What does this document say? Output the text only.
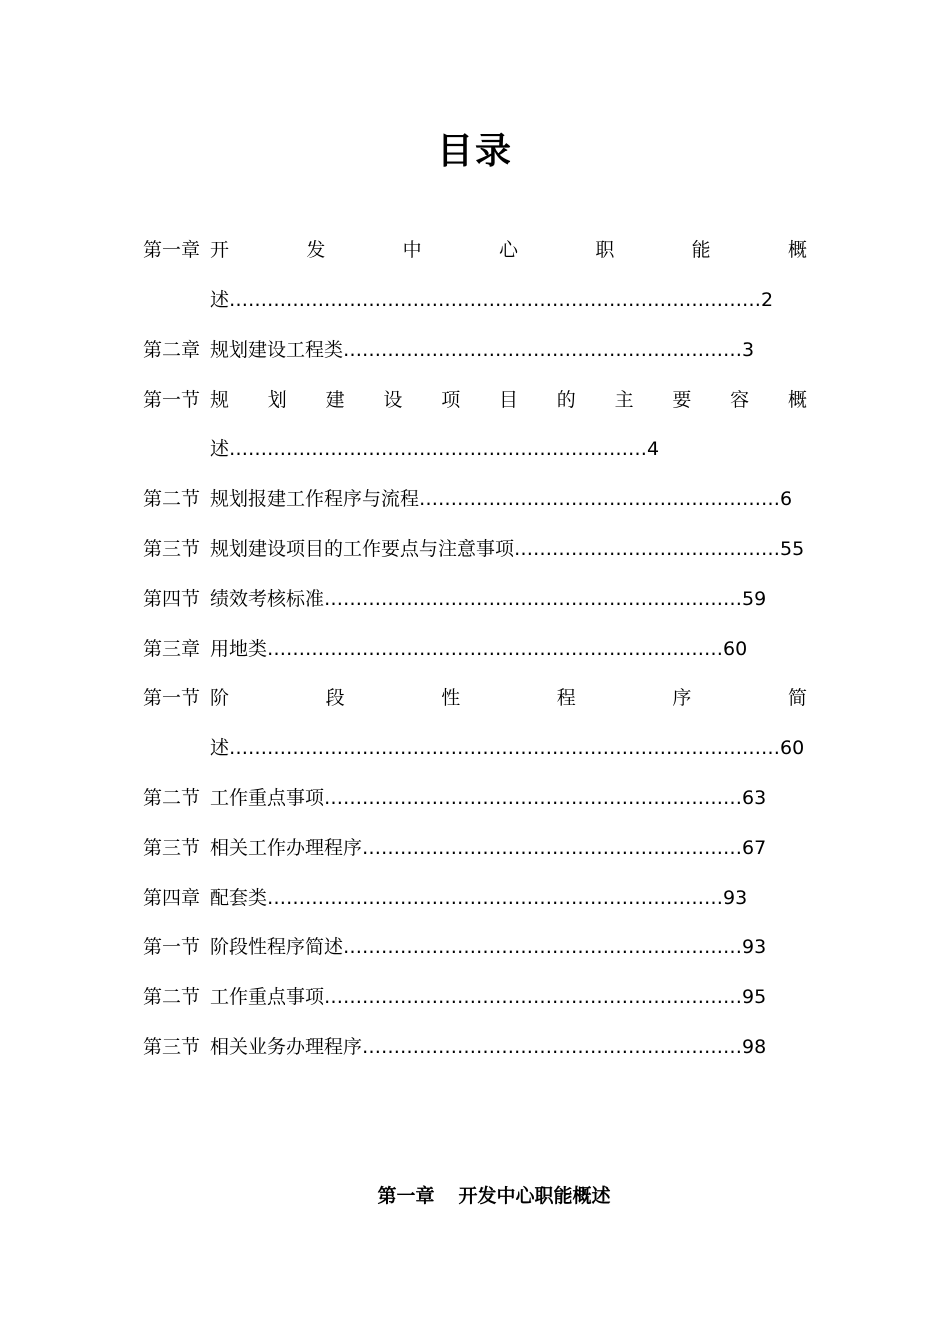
目录
第一章 开	发	中	心	职	能	概
述…………………………………………………………………………2
第二章 规划建设工程类………………………………………………………3
第一节 规 划 建 设 项 目 的 主 要 容 概
述…………………………………………………………4
第二节 规划报建工作程序与流程…………………………………………………6
第三节 规划建设项目的工作要点与注意事项……………………………………55
第四节 绩效考核标准…………………………………………………………59
第三章 用地类………………………………………………………………60
第一节 阶	段	性	程	序	简
述……………………………………………………………………………60
第二节 工作重点事项…………………………………………………………63
第三节 相关工作办理程序……………………………………………………67
第四章 配套类………………………………………………………………93
第一节 阶段性程序简述………………………………………………………93
第二节 工作重点事项…………………………………………………………95
第三节 相关业务办理程序……………………………………………………98
第一章 开发中心职能概述
